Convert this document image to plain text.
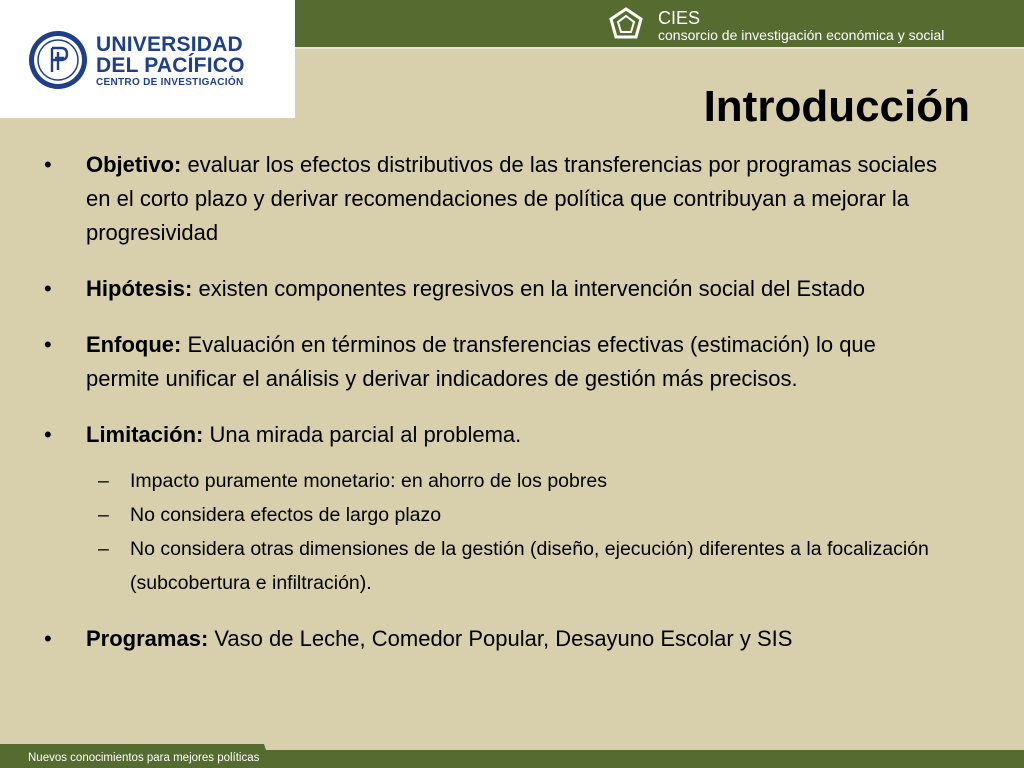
UNIVERSIDAD
DEL PACÍFICO
CENTRO DE INVESTIGACIÓN
CIES
consorcio de investigación económica y social
Introducción
• Objetivo: evaluar los efectos distributivos de las transferencias por programas sociales en el corto plazo y derivar recomendaciones de política que contribuyan a mejorar la progresividad
• Hipótesis: existen componentes regresivos en la intervención social del Estado
• Enfoque: Evaluación en términos de transferencias efectivas (estimación) lo que permite unificar el análisis y derivar indicadores de gestión más precisos.
• Limitación: Una mirada parcial al problema.
– Impacto puramente monetario: en ahorro de los pobres
– No considera efectos de largo plazo
– No considera otras dimensiones de la gestión (diseño, ejecución) diferentes a la focalización (subcobertura e infiltración).
• Programas: Vaso de Leche, Comedor Popular, Desayuno Escolar y SIS
Nuevos conocimientos para mejores políticas
